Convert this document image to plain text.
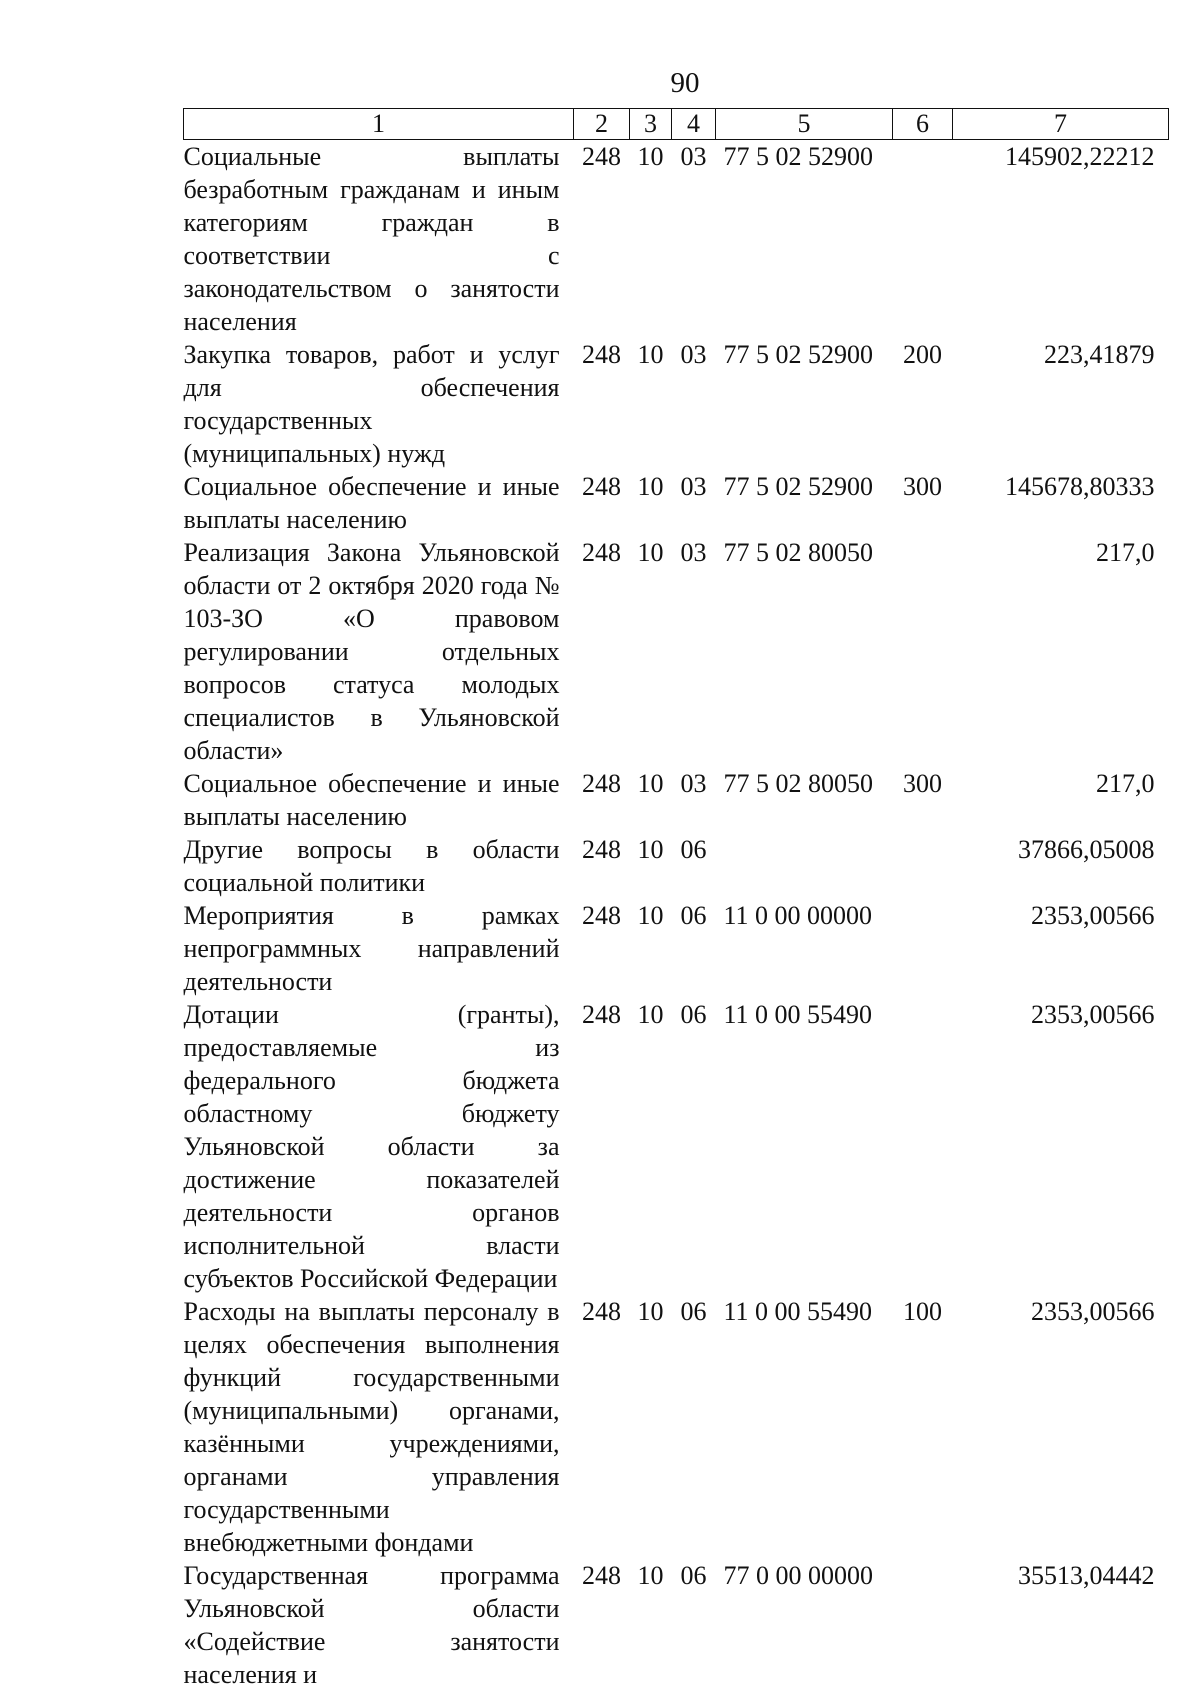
90
1	2	3	4	5	6	7
Социальные выплаты безработным гражданам и иным категориям граждан в соответствии с законодательством о занятости населения	248	10	03	77 5 02 52900		145902,22212
Закупка товаров, работ и услуг для обеспечения государственных (муниципальных) нужд	248	10	03	77 5 02 52900	200	223,41879
Социальное обеспечение и иные выплаты населению	248	10	03	77 5 02 52900	300	145678,80333
Реализация Закона Ульяновской области от 2 октября 2020 года № 103-ЗО «О правовом регулировании отдельных вопросов статуса молодых специалистов в Ульяновской области»	248	10	03	77 5 02 80050		217,0
Социальное обеспечение и иные выплаты населению	248	10	03	77 5 02 80050	300	217,0
Другие вопросы в области социальной политики	248	10	06			37866,05008
Мероприятия в рамках непрограммных направлений деятельности	248	10	06	11 0 00 00000		2353,00566
Дотации (гранты), предоставляемые из федерального бюджета областному бюджету Ульяновской области за достижение показателей деятельности органов исполнительной власти субъектов Российской Федерации	248	10	06	11 0 00 55490		2353,00566
Расходы на выплаты персоналу в целях обеспечения выполнения функций государственными (муниципальными) органами, казёнными учреждениями, органами управления государственными внебюджетными фондами	248	10	06	11 0 00 55490	100	2353,00566
Государственная программа Ульяновской области «Содействие занятости населения и	248	10	06	77 0 00 00000		35513,04442
